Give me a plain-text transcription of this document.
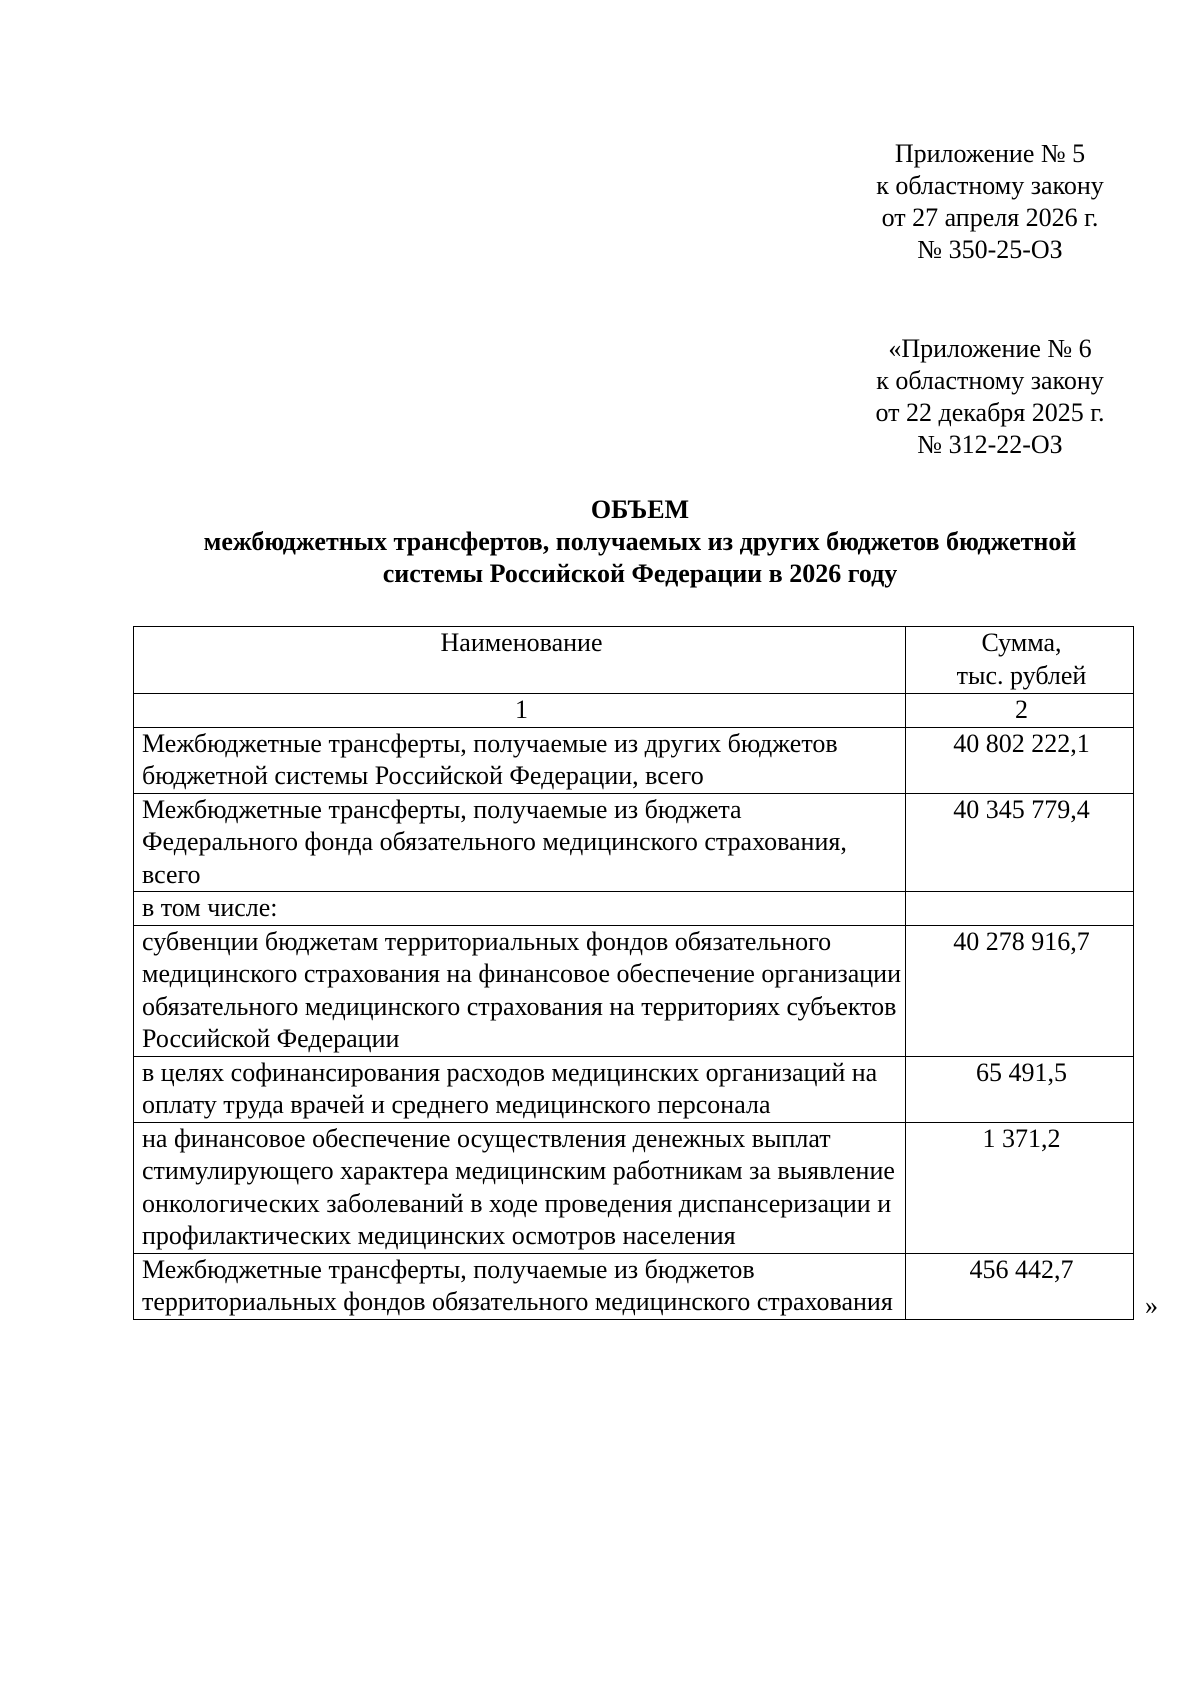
Приложение № 5
к областному закону
от 27 апреля 2026 г.
№ 350-25-ОЗ
«Приложение № 6
к областному закону
от 22 декабря 2025 г.
№ 312-22-ОЗ
ОБЪЕМ
межбюджетных трансфертов, получаемых из других бюджетов бюджетной
системы Российской Федерации в 2026 году
Наименование	Сумма,
тыс. рублей

1	2
Межбюджетные трансферты, получаемые из других бюджетов бюджетной системы Российской Федерации, всего	40 802 222,1
Межбюджетные трансферты, получаемые из бюджета Федерального фонда обязательного медицинского страхования, всего	40 345 779,4
в том числе:	
субвенции бюджетам территориальных фондов обязательного медицинского страхования на финансовое обеспечение организации обязательного медицинского страхования на территориях субъектов Российской Федерации	40 278 916,7
в целях софинансирования расходов медицинских организаций на оплату труда врачей и среднего медицинского персонала	65 491,5
на финансовое обеспечение осуществления денежных выплат стимулирующего характера медицинским работникам за выявление онкологических заболеваний в ходе проведения диспансеризации и профилактических медицинских осмотров населения	1 371,2
Межбюджетные трансферты, получаемые из бюджетов территориальных фондов обязательного медицинского страхования	456 442,7
»
